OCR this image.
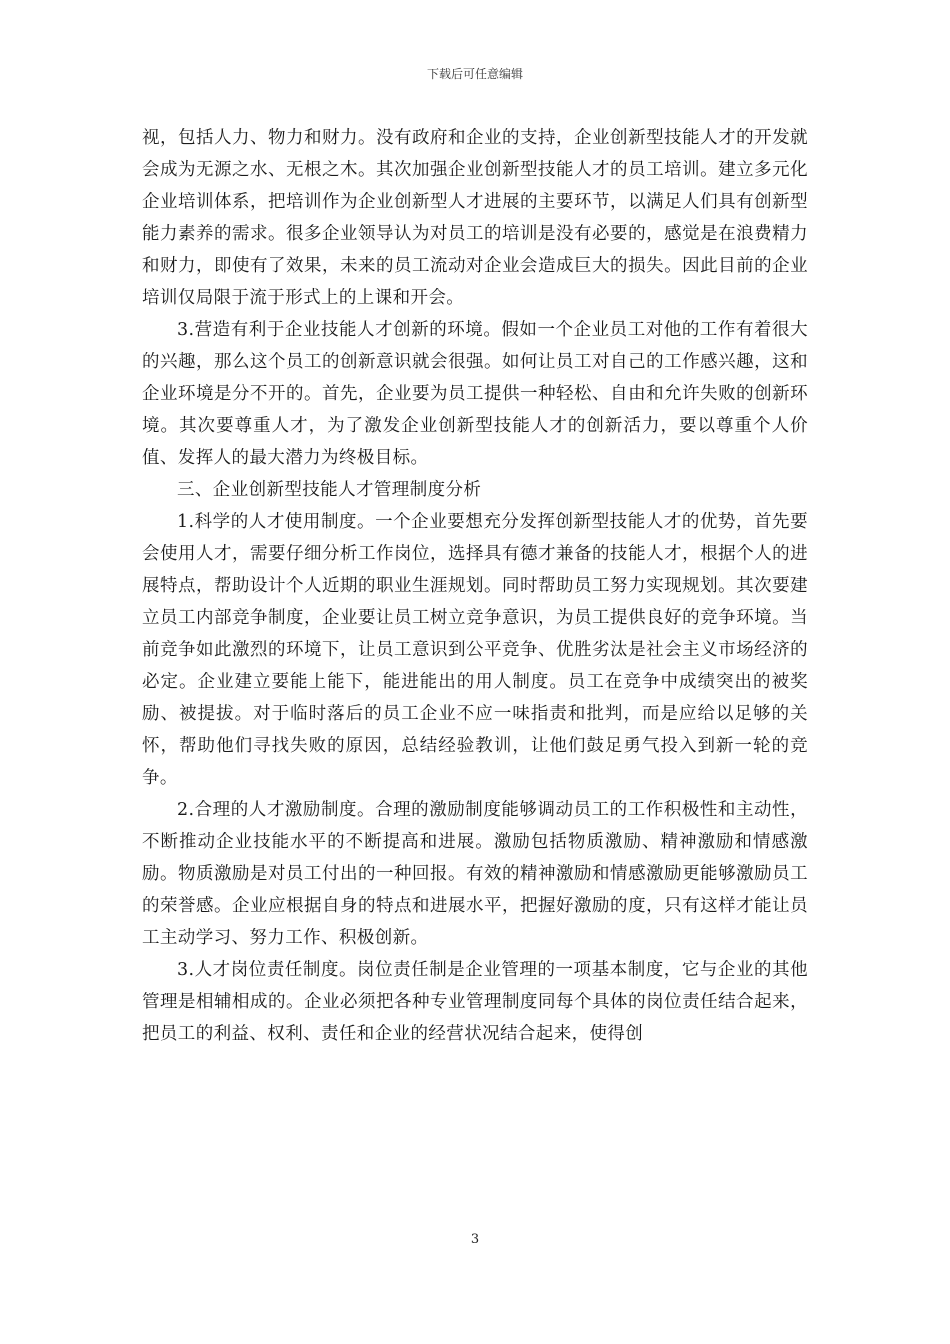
下载后可任意编辑

视，包括人力、物力和财力。没有政府和企业的支持，企业创新型技能人才的开发就会成为无源之水、无根之木。其次加强企业创新型技能人才的员工培训。建立多元化企业培训体系，把培训作为企业创新型人才进展的主要环节，以满足人们具有创新型能力素养的需求。很多企业领导认为对员工的培训是没有必要的，感觉是在浪费精力和财力，即使有了效果，未来的员工流动对企业会造成巨大的损失。因此目前的企业培训仅局限于流于形式上的上课和开会。

3.营造有利于企业技能人才创新的环境。假如一个企业员工对他的工作有着很大的兴趣，那么这个员工的创新意识就会很强。如何让员工对自己的工作感兴趣，这和企业环境是分不开的。首先，企业要为员工提供一种轻松、自由和允许失败的创新环境。其次要尊重人才，为了激发企业创新型技能人才的创新活力，要以尊重个人价值、发挥人的最大潜力为终极目标。

三、企业创新型技能人才管理制度分析

1.科学的人才使用制度。一个企业要想充分发挥创新型技能人才的优势，首先要会使用人才，需要仔细分析工作岗位，选择具有德才兼备的技能人才，根据个人的进展特点，帮助设计个人近期的职业生涯规划。同时帮助员工努力实现规划。其次要建立员工内部竞争制度，企业要让员工树立竞争意识，为员工提供良好的竞争环境。当前竞争如此激烈的环境下，让员工意识到公平竞争、优胜劣汰是社会主义市场经济的必定。企业建立要能上能下，能进能出的用人制度。员工在竞争中成绩突出的被奖励、被提拔。对于临时落后的员工企业不应一味指责和批判，而是应给以足够的关怀，帮助他们寻找失败的原因，总结经验教训，让他们鼓足勇气投入到新一轮的竞争。

2.合理的人才激励制度。合理的激励制度能够调动员工的工作积极性和主动性，不断推动企业技能水平的不断提高和进展。激励包括物质激励、精神激励和情感激励。物质激励是对员工付出的一种回报。有效的精神激励和情感激励更能够激励员工的荣誉感。企业应根据自身的特点和进展水平，把握好激励的度，只有这样才能让员工主动学习、努力工作、积极创新。

3.人才岗位责任制度。岗位责任制是企业管理的一项基本制度，它与企业的其他管理是相辅相成的。企业必须把各种专业管理制度同每个具体的岗位责任结合起来，把员工的利益、权利、责任和企业的经营状况结合起来，使得创

3
